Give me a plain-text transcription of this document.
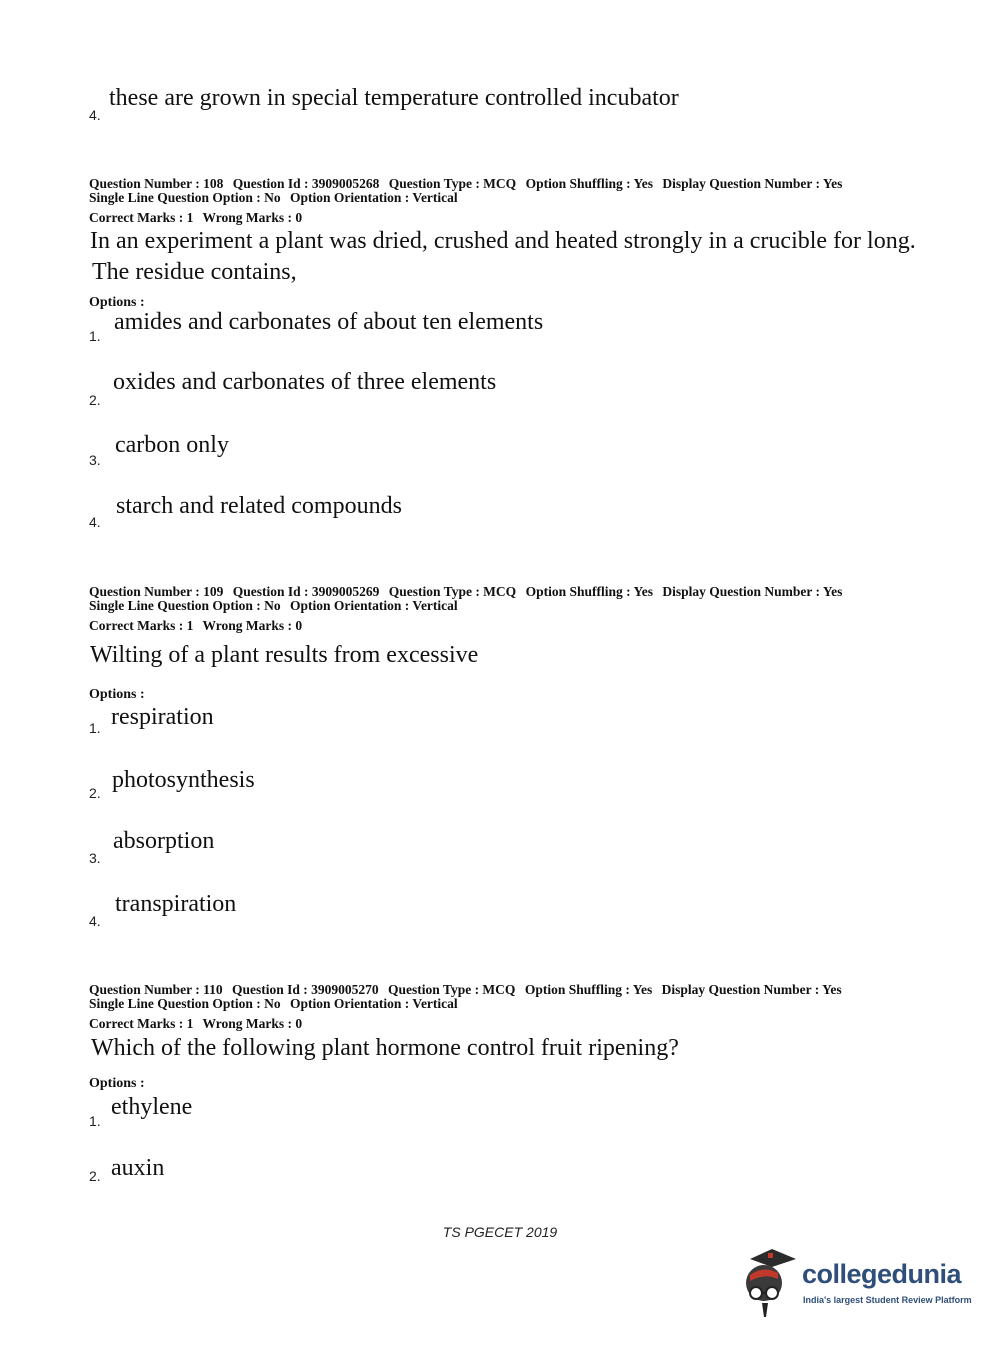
4.
these are grown in special temperature controlled incubator
Question Number : 108 Question Id : 3909005268 Question Type : MCQ Option Shuffling : Yes Display Question Number : Yes
Single Line Question Option : No Option Orientation : Vertical
Correct Marks : 1 Wrong Marks : 0
In an experiment a plant was dried, crushed and heated strongly in a crucible for long.
The residue contains,
Options :
1.
amides and carbonates of about ten elements
2.
oxides and carbonates of three elements
3.
carbon only
4.
starch and related compounds
Question Number : 109 Question Id : 3909005269 Question Type : MCQ Option Shuffling : Yes Display Question Number : Yes
Single Line Question Option : No Option Orientation : Vertical
Correct Marks : 1 Wrong Marks : 0
Wilting of a plant results from excessive
Options :
1. respiration
2. photosynthesis
3.
absorption
4.
transpiration
Question Number : 110 Question Id : 3909005270 Question Type : MCQ Option Shuffling : Yes Display Question Number : Yes
Single Line Question Option : No Option Orientation : Vertical
Correct Marks : 1 Wrong Marks : 0
Which of the following plant hormone control fruit ripening?
Options :
1.
ethylene
2. auxin
TS PGECET 2019
collegedunia
India's largest Student Review Platform
